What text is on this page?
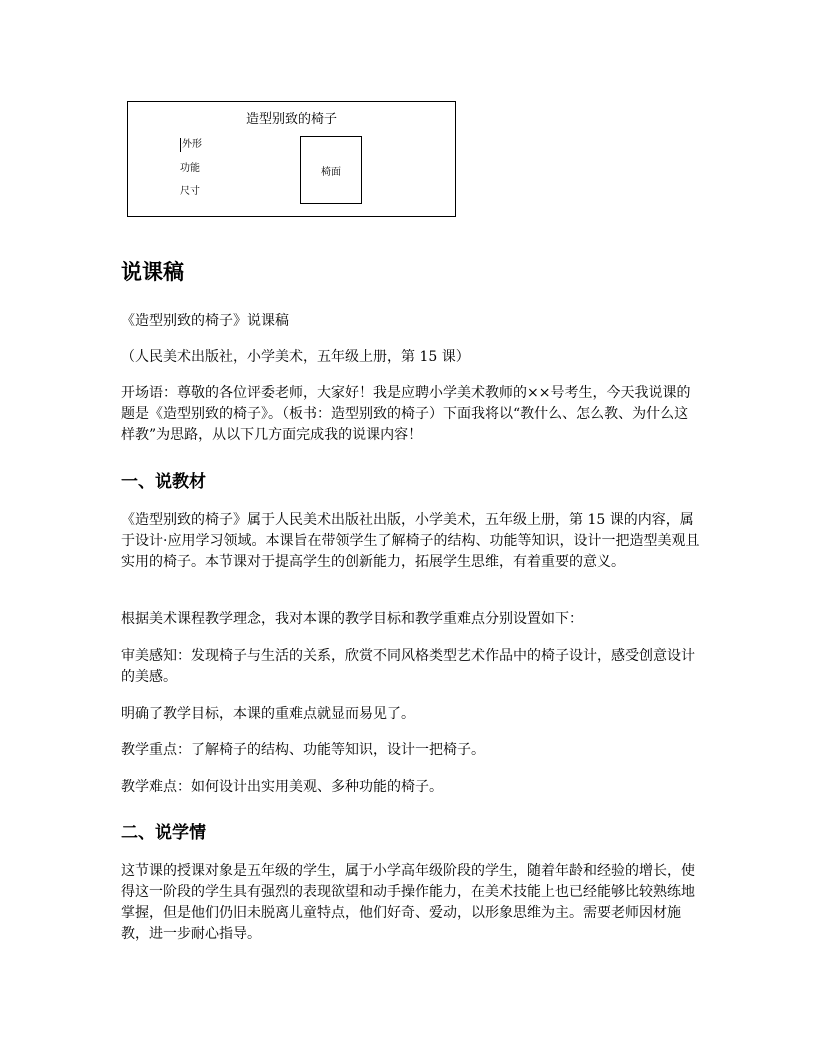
造型别致的椅子
外形
功能
尺寸
椅面
说课稿

《造型别致的椅子》说课稿

（人民美术出版社，小学美术，五年级上册，第 15 课）

开场语：尊敬的各位评委老师，大家好！我是应聘小学美术教师的××号考生，今天我说课的题是《造型别致的椅子》。（板书：造型别致的椅子）下面我将以“教什么、怎么教、为什么这样教”为思路，从以下几方面完成我的说课内容！

一、说教材

《造型别致的椅子》属于人民美术出版社出版，小学美术，五年级上册，第 15 课的内容，属于设计·应用学习领域。本课旨在带领学生了解椅子的结构、功能等知识，设计一把造型美观且实用的椅子。本节课对于提高学生的创新能力，拓展学生思维，有着重要的意义。

根据美术课程教学理念，我对本课的教学目标和教学重难点分别设置如下：

审美感知：发现椅子与生活的关系，欣赏不同风格类型艺术作品中的椅子设计，感受创意设计的美感。

明确了教学目标，本课的重难点就显而易见了。

教学重点：了解椅子的结构、功能等知识，设计一把椅子。

教学难点：如何设计出实用美观、多种功能的椅子。

二、说学情

这节课的授课对象是五年级的学生，属于小学高年级阶段的学生，随着年龄和经验的增长，使得这一阶段的学生具有强烈的表现欲望和动手操作能力，在美术技能上也已经能够比较熟练地掌握，但是他们仍旧未脱离儿童特点，他们好奇、爱动，以形象思维为主。需要老师因材施教，进一步耐心指导。
